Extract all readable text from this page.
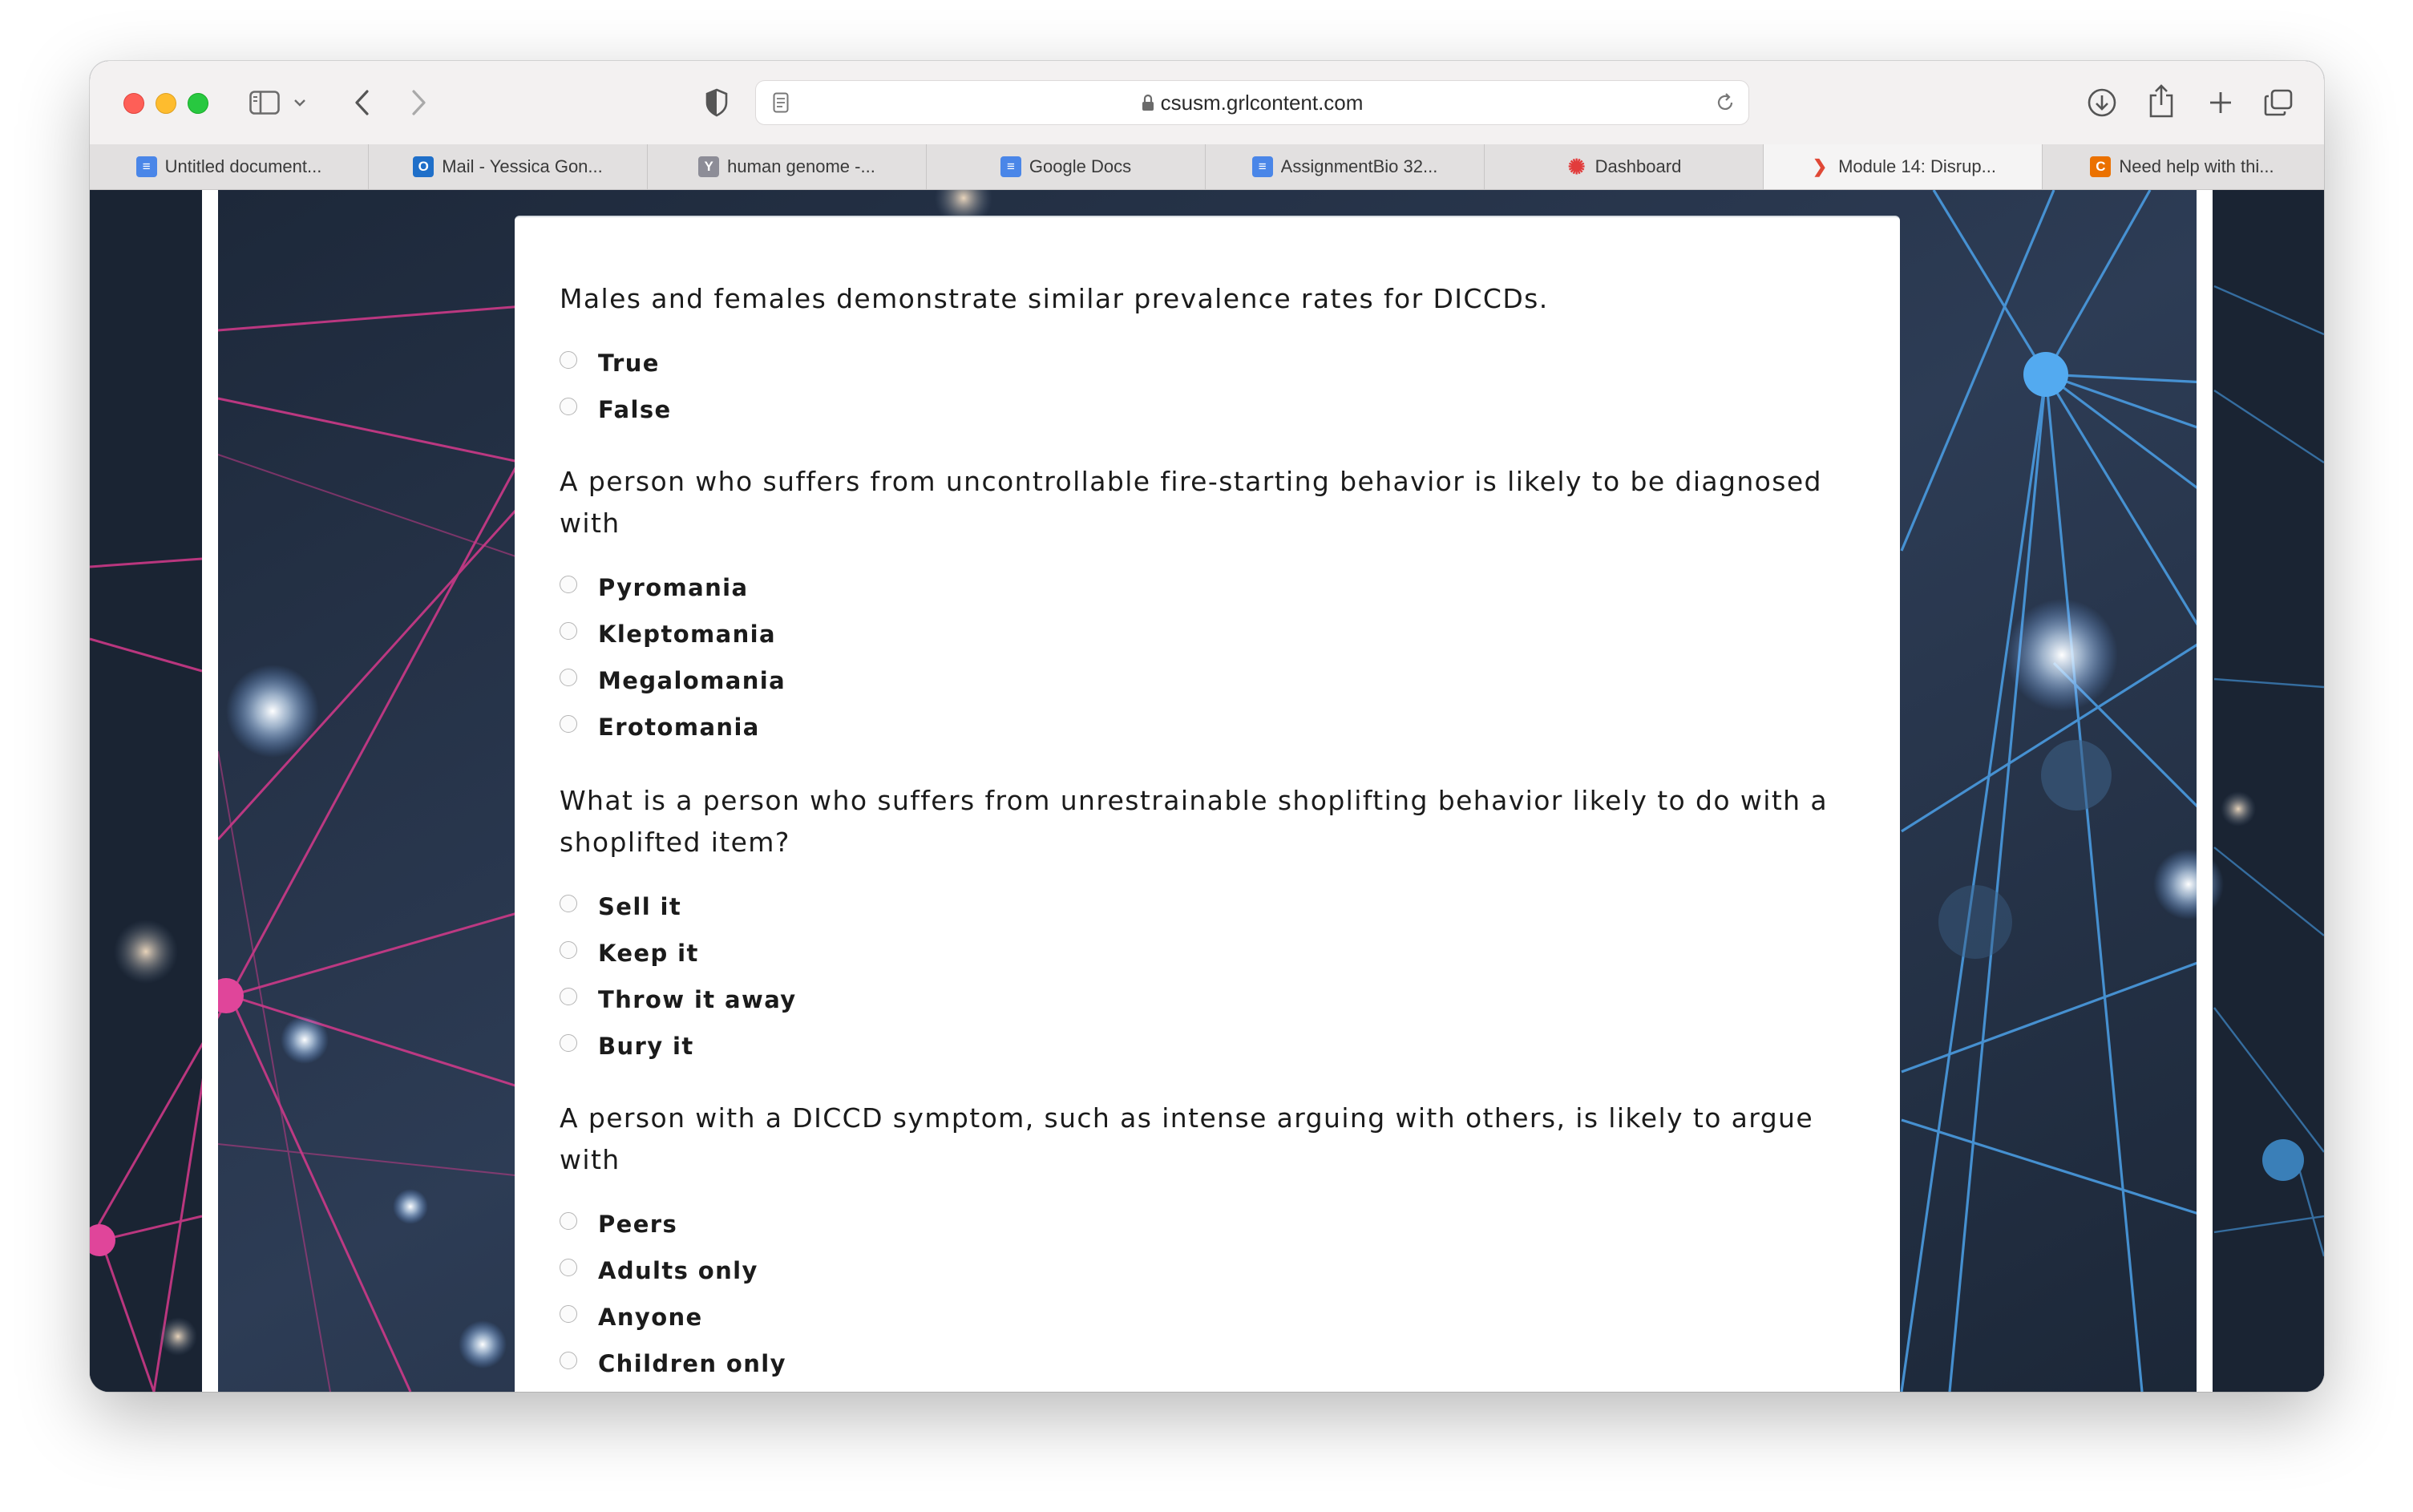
csusm.grlcontent.com
≡ Untitled document...	O Mail - Yessica Gon...	Y human genome -...	≡ Google Docs	≡ AssignmentBio 32...	✺ Dashboard	❯ Module 14: Disrup...	C Need help with thi...
Males and females demonstrate similar prevalence rates for DICCDs.
True
False
A person who suffers from uncontrollable fire-starting behavior is likely to be diagnosed with
Pyromania
Kleptomania
Megalomania
Erotomania
What is a person who suffers from unrestrainable shoplifting behavior likely to do with a shoplifted item?
Sell it
Keep it
Throw it away
Bury it
A person with a DICCD symptom, such as intense arguing with others, is likely to argue with
Peers
Adults only
Anyone
Children only
